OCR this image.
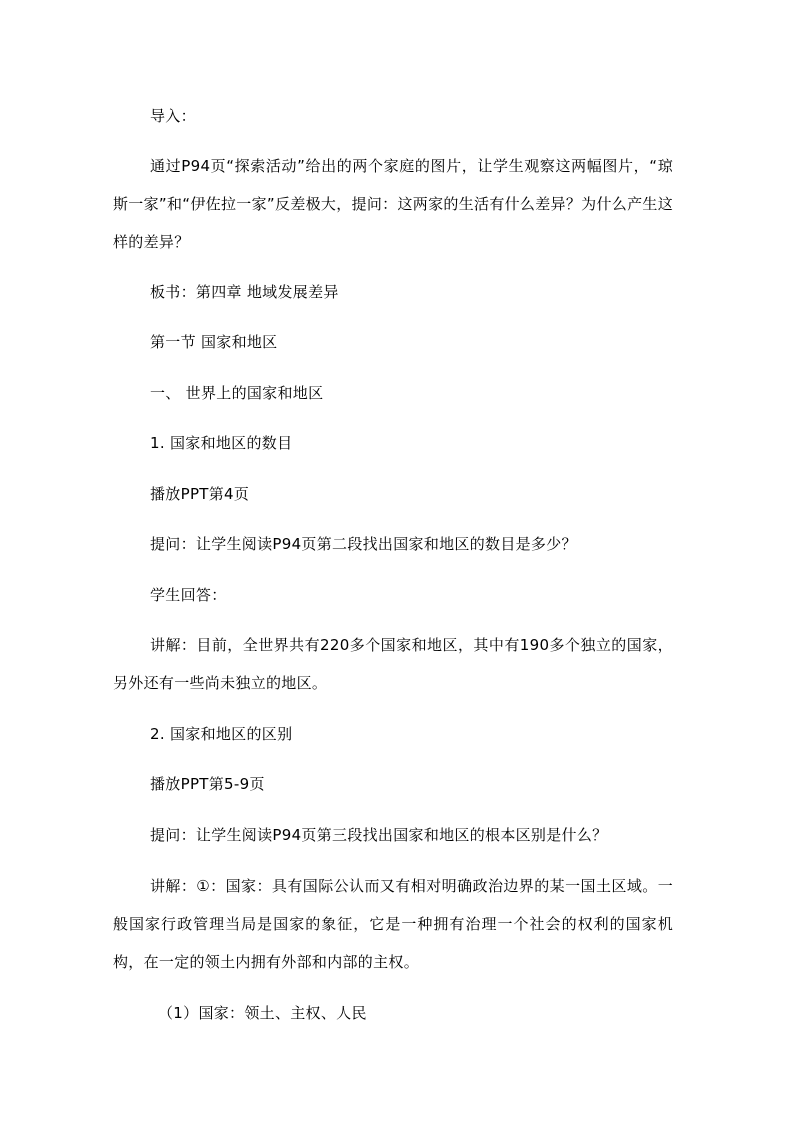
导入：

通过P94页“探索活动”给出的两个家庭的图片，让学生观察这两幅图片，“琼斯一家”和“伊佐拉一家”反差极大，提问：这两家的生活有什么差异？为什么产生这样的差异？

板书：第四章 地域发展差异

第一节 国家和地区

一、 世界上的国家和地区

1. 国家和地区的数目

播放PPT第4页

提问：让学生阅读P94页第二段找出国家和地区的数目是多少？

学生回答：

讲解：目前，全世界共有220多个国家和地区，其中有190多个独立的国家，另外还有一些尚未独立的地区。

2. 国家和地区的区别

播放PPT第5-9页

提问：让学生阅读P94页第三段找出国家和地区的根本区别是什么？

讲解：①：国家：具有国际公认而又有相对明确政治边界的某一国土区域。一般国家行政管理当局是国家的象征，它是一种拥有治理一个社会的权利的国家机构，在一定的领土内拥有外部和内部的主权。

（1）国家：领土、主权、人民
